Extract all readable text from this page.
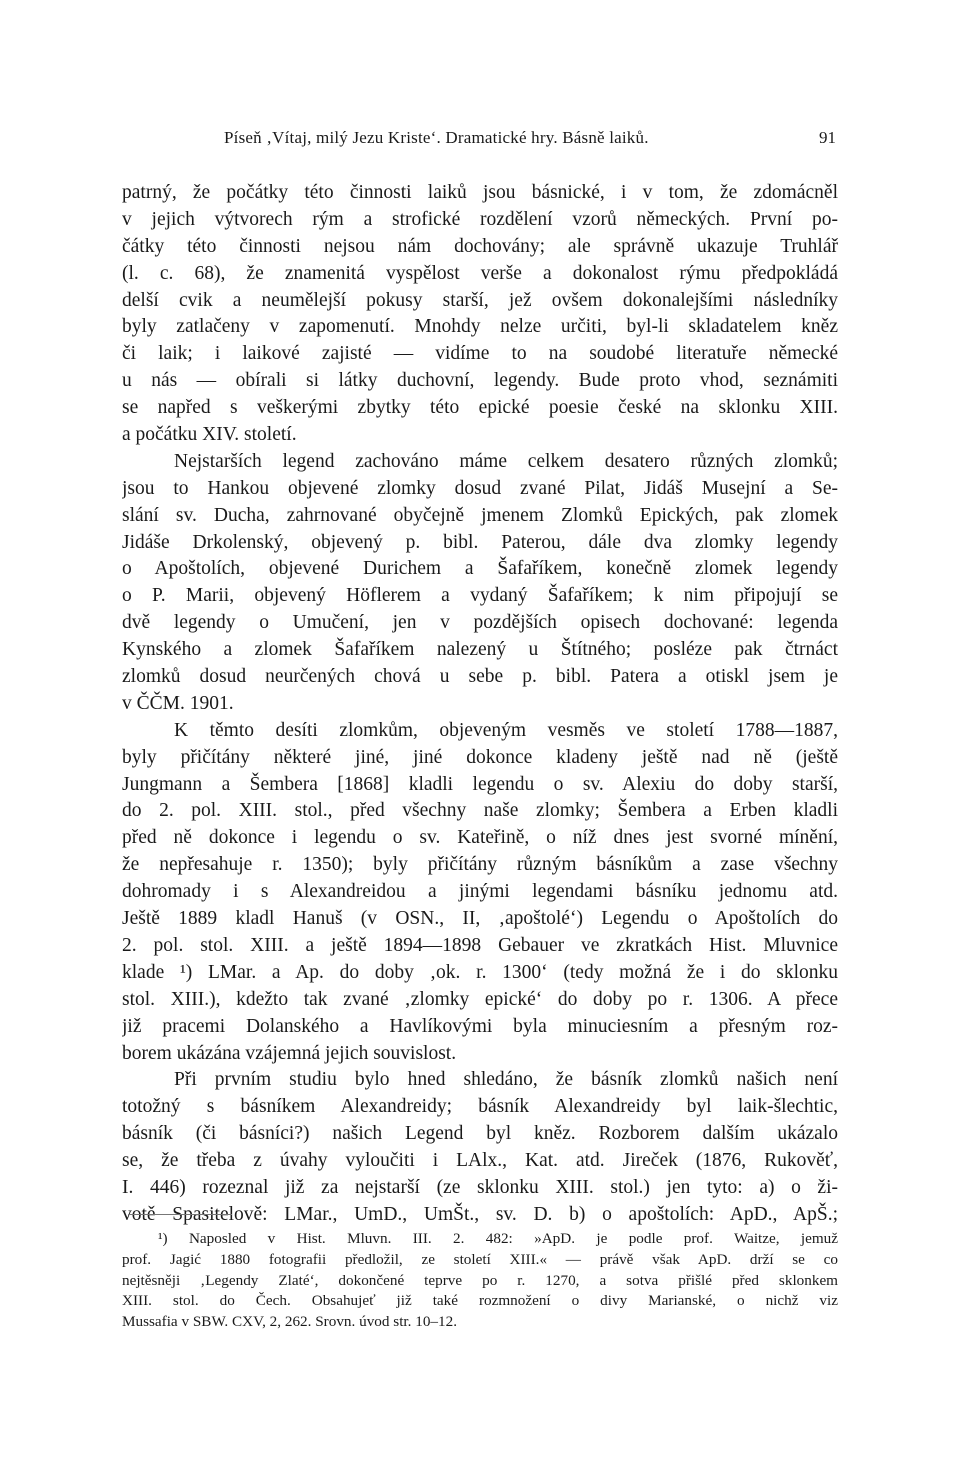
Píseň ‚Vítaj, milý Jezu Kriste‘. Dramatické hry. Básně laiků.	91
patrný, že počátky této činnosti laiků jsou básnické, i v tom, že zdomácněl
v jejich výtvorech rým a strofické rozdělení vzorů německých. První po-
čátky této činnosti nejsou nám dochovány; ale správně ukazuje Truhlář
(l. c. 68), že znamenitá vyspělost verše a dokonalost rýmu předpokládá
delší cvik a neumělejší pokusy starší, jež ovšem dokonalejšími následníky
byly zatlačeny v zapomenutí. Mnohdy nelze určiti, byl-li skladatelem kněz
či laik; i laikové zajisté — vidíme to na soudobé literatuře německé
u nás — obírali si látky duchovní, legendy. Bude proto vhod, seznámiti
se napřed s veškerými zbytky této epické poesie české na sklonku XIII.
a počátku XIV. století.
Nejstarších legend zachováno máme celkem desatero různých zlomků;
jsou to Hankou objevené zlomky dosud zvané Pilat, Jidáš Musejní a Se-
slání sv. Ducha, zahrnované obyčejně jmenem Zlomků Epických, pak zlomek
Jidáše Drkolenský, objevený p. bibl. Paterou, dále dva zlomky legendy
o Apoštolích, objevené Durichem a Šafaříkem, konečně zlomek legendy
o P. Marii, objevený Höflerem a vydaný Šafaříkem; k nim připojují se
dvě legendy o Umučení, jen v pozdějších opisech dochované: legenda
Kynského a zlomek Šafaříkem nalezený u Štítného; posléze pak čtrnáct
zlomků dosud neurčených chová u sebe p. bibl. Patera a otiskl jsem je
v ČČM. 1901.
K těmto desíti zlomkům, objeveným vesměs ve století 1788—1887,
byly přičítány některé jiné, jiné dokonce kladeny ještě nad ně (ještě
Jungmann a Šembera [1868] kladli legendu o sv. Alexiu do doby starší,
do 2. pol. XIII. stol., před všechny naše zlomky; Šembera a Erben kladli
před ně dokonce i legendu o sv. Kateřině, o níž dnes jest svorné mínění,
že nepřesahuje r. 1350); byly přičítány různým básníkům a zase všechny
dohromady i s Alexandreidou a jinými legendami básníku jednomu atd.
Ještě 1889 kladl Hanuš (v OSN., II, ‚apoštolé‘) Legendu o Apoštolích do
2. pol. stol. XIII. a ještě 1894—1898 Gebauer ve zkratkách Hist. Mluvnice
klade ¹) LMar. a Ap. do doby ‚ok. r. 1300‘ (tedy možná že i do sklonku
stol. XIII.), kdežto tak zvané ‚zlomky epické‘ do doby po r. 1306. A přece
již pracemi Dolanského a Havlíkovými byla minuciesním a přesným roz-
borem ukázána vzájemná jejich souvislost.
Při prvním studiu bylo hned shledáno, že básník zlomků našich není
totožný s básníkem Alexandreidy; básník Alexandreidy byl laik-šlechtic,
básník (či básníci?) našich Legend byl kněz. Rozborem dalším ukázalo
se, že třeba z úvahy vyloučiti i LAlx., Kat. atd. Jireček (1876, Rukověť,
I. 446) rozeznal již za nejstarší (ze sklonku XIII. stol.) jen tyto: a) o ži-
votě Spasitelově: LMar., UmD., UmŠt., sv. D. b) o apoštolích: ApD., ApŠ.;
¹) Naposled v Hist. Mluvn. III. 2. 482: »ApD. je podle prof. Waitze, jemuž
prof. Jagić 1880 fotografii předložil, ze století XIII.« — právě však ApD. drží se co
nejtěsněji ‚Legendy Zlaté‘, dokončené teprve po r. 1270, a sotva přišlé před sklonkem
XIII. stol. do Čech. Obsahujeť již také rozmnožení o divy Marianské, o nichž viz
Mussafia v SBW. CXV, 2, 262. Srovn. úvod str. 10–12.
